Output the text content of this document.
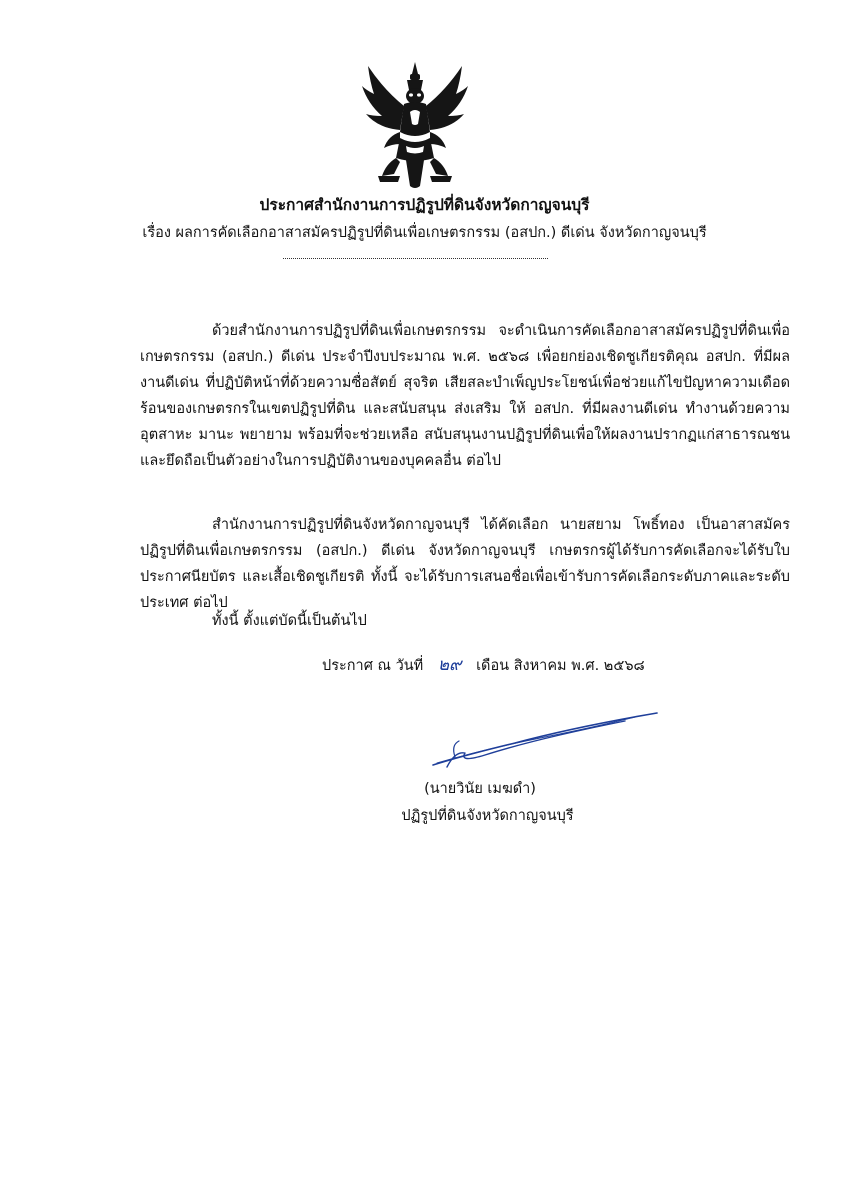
ประกาศสำนักงานการปฏิรูปที่ดินจังหวัดกาญจนบุรี
เรื่อง ผลการคัดเลือกอาสาสมัครปฏิรูปที่ดินเพื่อเกษตรกรรม (อสปก.) ดีเด่น จังหวัดกาญจนบุรี

ด้วยสำนักงานการปฏิรูปที่ดินเพื่อเกษตรกรรม จะดำเนินการคัดเลือกอาสาสมัครปฏิรูปที่ดินเพื่อเกษตรกรรม (อสปก.) ดีเด่น ประจำปีงบประมาณ พ.ศ. ๒๕๖๘ เพื่อยกย่องเชิดชูเกียรติคุณ อสปก. ที่มีผลงานดีเด่น ที่ปฏิบัติหน้าที่ด้วยความซื่อสัตย์ สุจริต เสียสละบำเพ็ญประโยชน์เพื่อช่วยแก้ไขปัญหาความเดือดร้อนของเกษตรกรในเขตปฏิรูปที่ดิน และสนับสนุน ส่งเสริม ให้ อสปก. ที่มีผลงานดีเด่น ทำงานด้วยความอุตสาหะ มานะ พยายาม พร้อมที่จะช่วยเหลือ สนับสนุนงานปฏิรูปที่ดินเพื่อให้ผลงานปรากฏแก่สาธารณชน และยึดถือเป็นตัวอย่างในการปฏิบัติงานของบุคคลอื่น ต่อไป

สำนักงานการปฏิรูปที่ดินจังหวัดกาญจนบุรี ได้คัดเลือก นายสยาม โพธิ์ทอง เป็นอาสาสมัครปฏิรูปที่ดินเพื่อเกษตรกรรม (อสปก.) ดีเด่น จังหวัดกาญจนบุรี เกษตรกรผู้ได้รับการคัดเลือกจะได้รับใบประกาศนียบัตร และเสื้อเชิดชูเกียรติ ทั้งนี้ จะได้รับการเสนอชื่อเพื่อเข้ารับการคัดเลือกระดับภาคและระดับประเทศ ต่อไป

ทั้งนี้ ตั้งแต่บัดนี้เป็นต้นไป

ประกาศ ณ วันที่ ๒๙ เดือน สิงหาคม พ.ศ. ๒๕๖๘
(นายวินัย เมฆดำ)
ปฏิรูปที่ดินจังหวัดกาญจนบุรี
